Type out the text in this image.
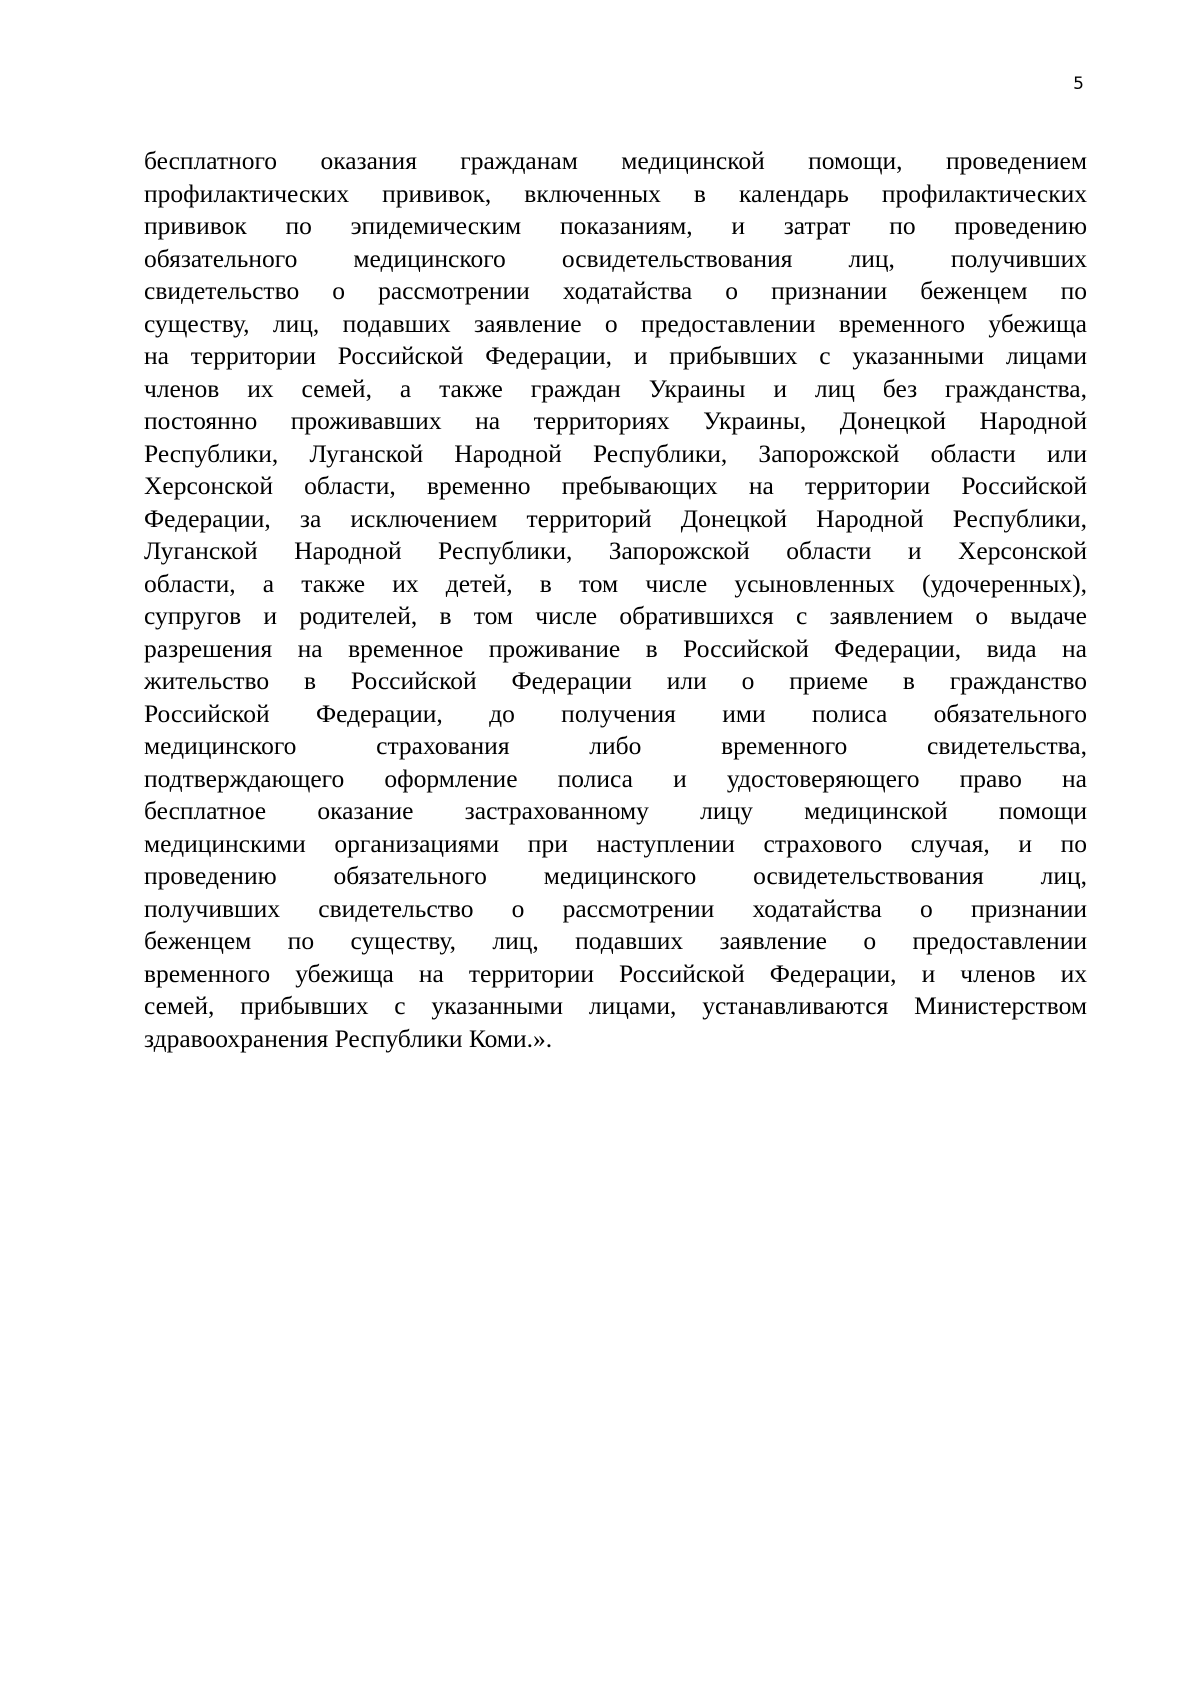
5
бесплатного оказания гражданам медицинской помощи, проведением
профилактических прививок, включенных в календарь профилактических
прививок по эпидемическим показаниям, и затрат по проведению
обязательного медицинского освидетельствования лиц, получивших
свидетельство о рассмотрении ходатайства о признании беженцем по
существу, лиц, подавших заявление о предоставлении временного убежища
на территории Российской Федерации, и прибывших с указанными лицами
членов их семей, а также граждан Украины и лиц без гражданства,
постоянно проживавших на территориях Украины, Донецкой Народной
Республики, Луганской Народной Республики, Запорожской области или
Херсонской области, временно пребывающих на территории Российской
Федерации, за исключением территорий Донецкой Народной Республики,
Луганской Народной Республики, Запорожской области и Херсонской
области, а также их детей, в том числе усыновленных (удочеренных),
супругов и родителей, в том числе обратившихся с заявлением о выдаче
разрешения на временное проживание в Российской Федерации, вида на
жительство в Российской Федерации или о приеме в гражданство
Российской Федерации, до получения ими полиса обязательного
медицинского страхования либо временного свидетельства,
подтверждающего оформление полиса и удостоверяющего право на
бесплатное оказание застрахованному лицу медицинской помощи
медицинскими организациями при наступлении страхового случая, и по
проведению обязательного медицинского освидетельствования лиц,
получивших свидетельство о рассмотрении ходатайства о признании
беженцем по существу, лиц, подавших заявление о предоставлении
временного убежища на территории Российской Федерации, и членов их
семей, прибывших с указанными лицами, устанавливаются Министерством
здравоохранения Республики Коми.».
